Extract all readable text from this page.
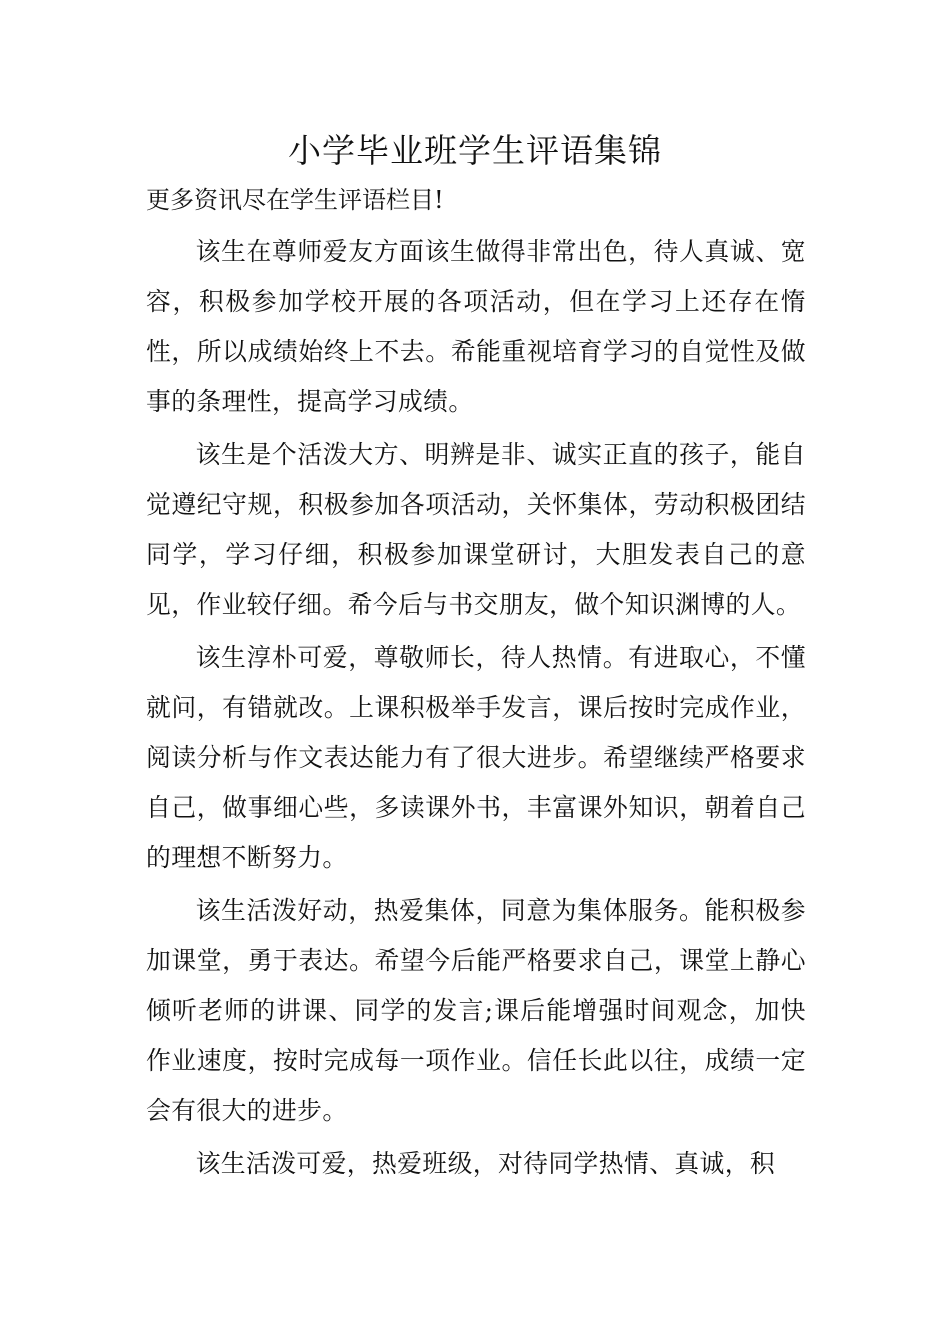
小学毕业班学生评语集锦

更多资讯尽在学生评语栏目!

该生在尊师爱友方面该生做得非常出色，待人真诚、宽容，积极参加学校开展的各项活动，但在学习上还存在惰性，所以成绩始终上不去。希能重视培育学习的自觉性及做事的条理性，提高学习成绩。

该生是个活泼大方、明辨是非、诚实正直的孩子，能自觉遵纪守规，积极参加各项活动，关怀集体，劳动积极团结同学，学习仔细，积极参加课堂研讨，大胆发表自己的意见，作业较仔细。希今后与书交朋友，做个知识渊博的人。

该生淳朴可爱，尊敬师长，待人热情。有进取心，不懂就问，有错就改。上课积极举手发言，课后按时完成作业，阅读分析与作文表达能力有了很大进步。希望继续严格要求自己，做事细心些，多读课外书，丰富课外知识，朝着自己的理想不断努力。

该生活泼好动，热爱集体，同意为集体服务。能积极参加课堂，勇于表达。希望今后能严格要求自己，课堂上静心倾听老师的讲课、同学的发言;课后能增强时间观念，加快作业速度，按时完成每一项作业。信任长此以往，成绩一定会有很大的进步。

该生活泼可爱，热爱班级，对待同学热情、真诚，积
